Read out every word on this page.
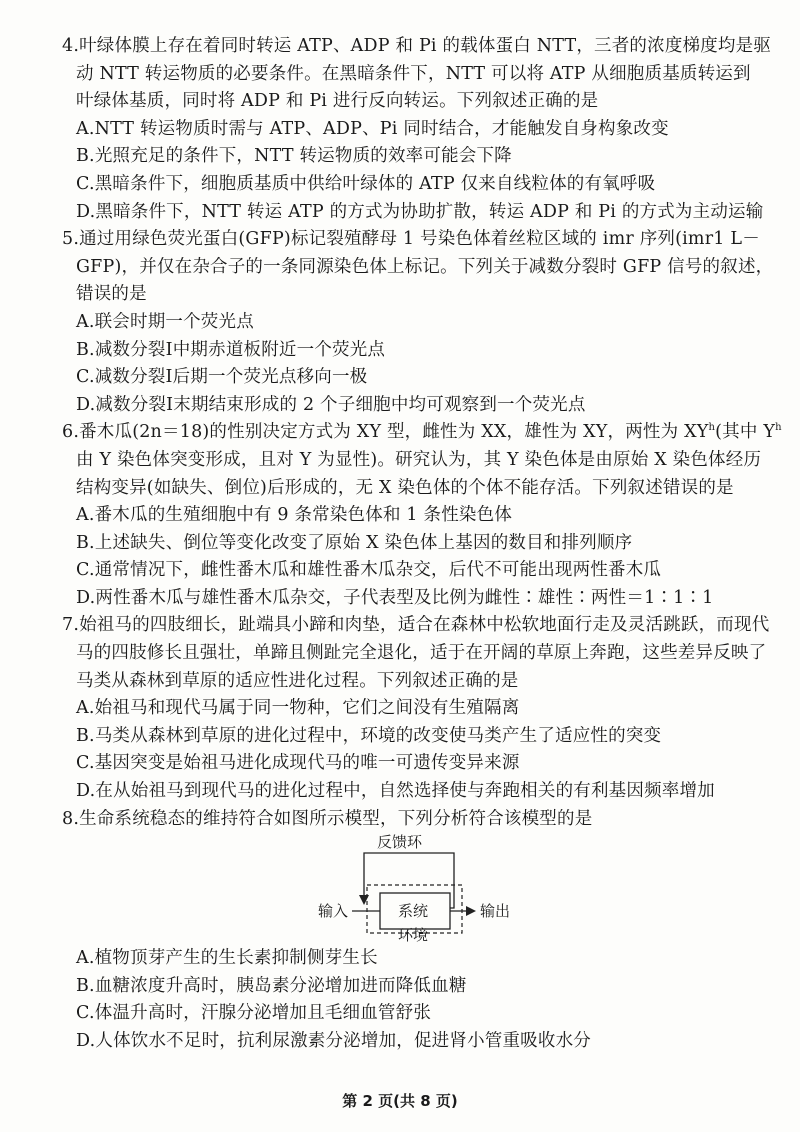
4.叶绿体膜上存在着同时转运 ATP、ADP 和 Pi 的载体蛋白 NTT，三者的浓度梯度均是驱
动 NTT 转运物质的必要条件。在黑暗条件下，NTT 可以将 ATP 从细胞质基质转运到
叶绿体基质，同时将 ADP 和 Pi 进行反向转运。下列叙述正确的是
A.NTT 转运物质时需与 ATP、ADP、Pi 同时结合，才能触发自身构象改变
B.光照充足的条件下，NTT 转运物质的效率可能会下降
C.黑暗条件下，细胞质基质中供给叶绿体的 ATP 仅来自线粒体的有氧呼吸
D.黑暗条件下，NTT 转运 ATP 的方式为协助扩散，转运 ADP 和 Pi 的方式为主动运输
5.通过用绿色荧光蛋白(GFP)标记裂殖酵母 1 号染色体着丝粒区域的 imr 序列(imr1 L－
GFP)，并仅在杂合子的一条同源染色体上标记。下列关于减数分裂时 GFP 信号的叙述，
错误的是
A.联会时期一个荧光点
B.减数分裂Ⅰ中期赤道板附近一个荧光点
C.减数分裂Ⅰ后期一个荧光点移向一极
D.减数分裂Ⅰ末期结束形成的 2 个子细胞中均可观察到一个荧光点
6.番木瓜(2n＝18)的性别决定方式为 XY 型，雌性为 XX，雄性为 XY，两性为 $XY^h$(其中 $Y^h$
由 Y 染色体突变形成，且对 Y 为显性)。研究认为，其 Y 染色体是由原始 X 染色体经历
结构变异(如缺失、倒位)后形成的，无 X 染色体的个体不能存活。下列叙述错误的是
A.番木瓜的生殖细胞中有 9 条常染色体和 1 条性染色体
B.上述缺失、倒位等变化改变了原始 X 染色体上基因的数目和排列顺序
C.通常情况下，雌性番木瓜和雄性番木瓜杂交，后代不可能出现两性番木瓜
D.两性番木瓜与雄性番木瓜杂交，子代表型及比例为雌性∶雄性∶两性＝1∶1∶1
7.始祖马的四肢细长，趾端具小蹄和肉垫，适合在森林中松软地面行走及灵活跳跃，而现代
马的四肢修长且强壮，单蹄且侧趾完全退化，适于在开阔的草原上奔跑，这些差异反映了
马类从森林到草原的适应性进化过程。下列叙述正确的是
A.始祖马和现代马属于同一物种，它们之间没有生殖隔离
B.马类从森林到草原的进化过程中，环境的改变使马类产生了适应性的突变
C.基因突变是始祖马进化成现代马的唯一可遗传变异来源
D.在从始祖马到现代马的进化过程中，自然选择使与奔跑相关的有利基因频率增加
8.生命系统稳态的维持符合如图所示模型，下列分析符合该模型的是
反馈环
输入	系统	输出
环境
A.植物顶芽产生的生长素抑制侧芽生长
B.血糖浓度升高时，胰岛素分泌增加进而降低血糖
C.体温升高时，汗腺分泌增加且毛细血管舒张
D.人体饮水不足时，抗利尿激素分泌增加，促进肾小管重吸收水分
第 2 页(共 8 页)
